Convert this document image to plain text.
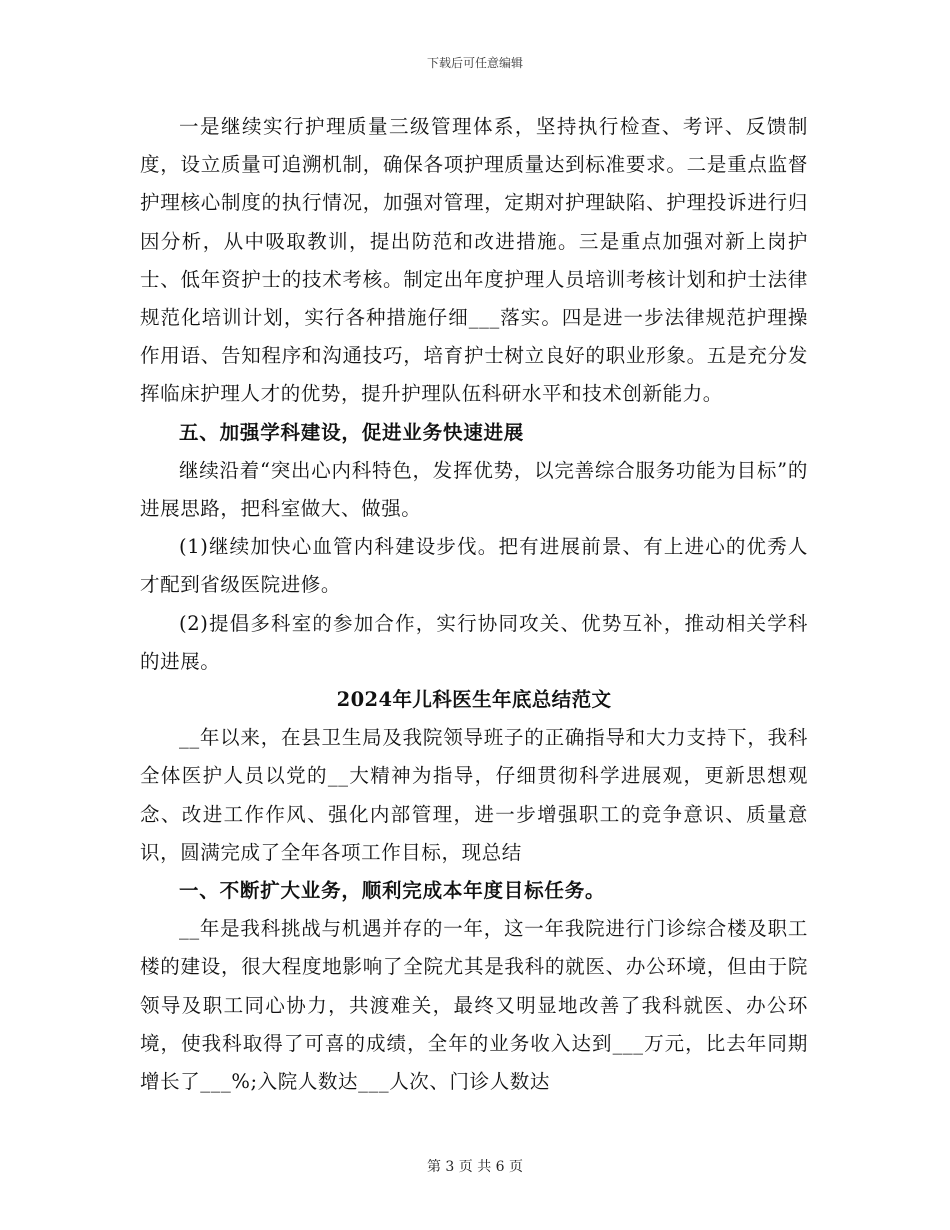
下载后可任意编辑

一是继续实行护理质量三级管理体系，坚持执行检查、考评、反馈制度，设立质量可追溯机制，确保各项护理质量达到标准要求。二是重点监督护理核心制度的执行情况，加强对管理，定期对护理缺陷、护理投诉进行归因分析，从中吸取教训，提出防范和改进措施。三是重点加强对新上岗护士、低年资护士的技术考核。制定出年度护理人员培训考核计划和护士法律规范化培训计划，实行各种措施仔细___落实。四是进一步法律规范护理操作用语、告知程序和沟通技巧，培育护士树立良好的职业形象。五是充分发挥临床护理人才的优势，提升护理队伍科研水平和技术创新能力。

五、加强学科建设，促进业务快速进展

继续沿着“突出心内科特色，发挥优势，以完善综合服务功能为目标”的进展思路，把科室做大、做强。

(1)继续加快心血管内科建设步伐。把有进展前景、有上进心的优秀人才配到省级医院进修。

(2)提倡多科室的参加合作，实行协同攻关、优势互补，推动相关学科的进展。

2024年儿科医生年底总结范文

__年以来，在县卫生局及我院领导班子的正确指导和大力支持下，我科全体医护人员以党的__大精神为指导，仔细贯彻科学进展观，更新思想观念、改进工作作风、强化内部管理，进一步增强职工的竞争意识、质量意识，圆满完成了全年各项工作目标，现总结

一、不断扩大业务，顺利完成本年度目标任务。

__年是我科挑战与机遇并存的一年，这一年我院进行门诊综合楼及职工楼的建设，很大程度地影响了全院尤其是我科的就医、办公环境，但由于院领导及职工同心协力，共渡难关，最终又明显地改善了我科就医、办公环境，使我科取得了可喜的成绩，全年的业务收入达到___万元，比去年同期增长了___%;入院人数达___人次、门诊人数达

第 3 页 共 6 页
